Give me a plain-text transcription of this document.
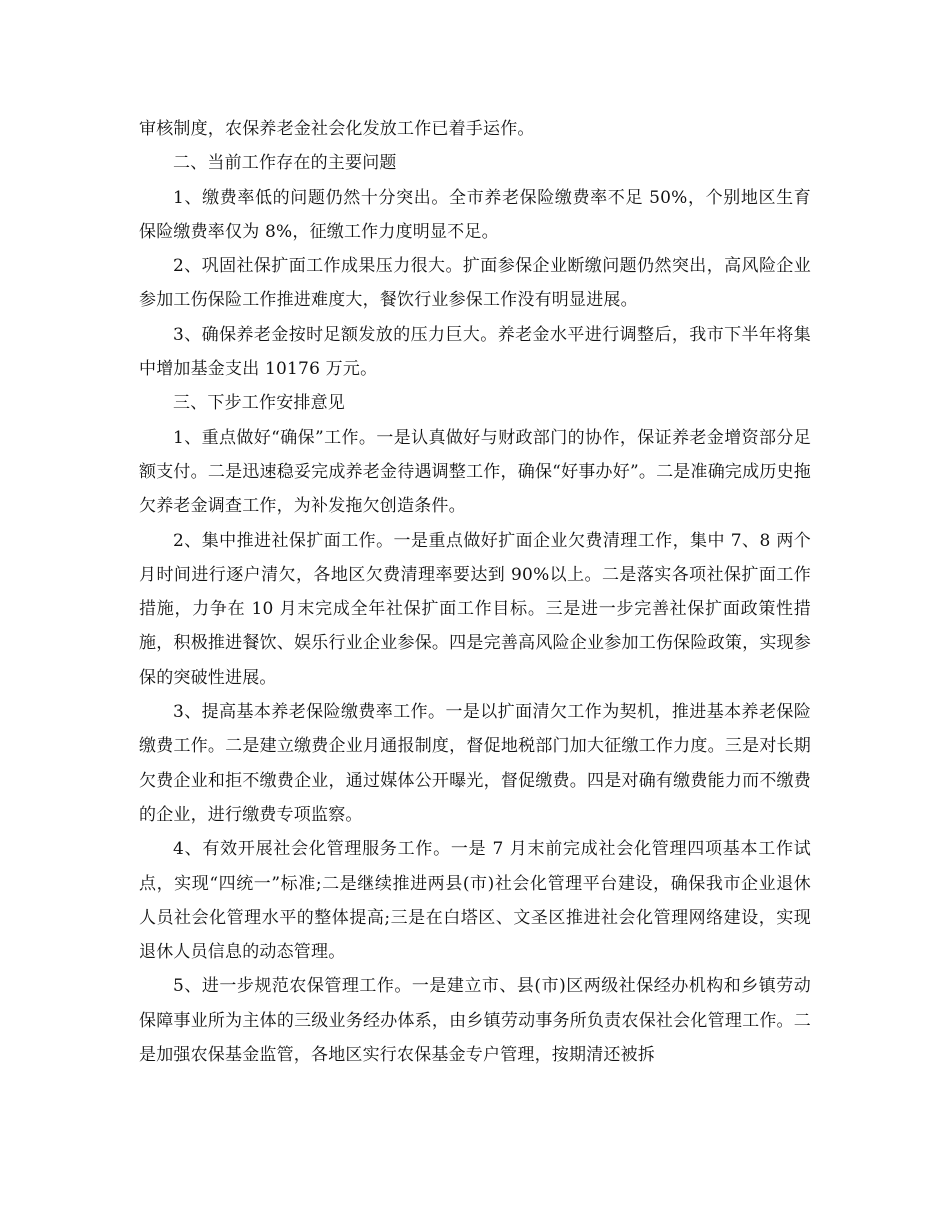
审核制度，农保养老金社会化发放工作已着手运作。

二、当前工作存在的主要问题

1、缴费率低的问题仍然十分突出。全市养老保险缴费率不足 50%，个别地区生育保险缴费率仅为 8%，征缴工作力度明显不足。

2、巩固社保扩面工作成果压力很大。扩面参保企业断缴问题仍然突出，高风险企业参加工伤保险工作推进难度大，餐饮行业参保工作没有明显进展。

3、确保养老金按时足额发放的压力巨大。养老金水平进行调整后，我市下半年将集中增加基金支出 10176 万元。

三、下步工作安排意见

1、重点做好“确保”工作。一是认真做好与财政部门的协作，保证养老金增资部分足额支付。二是迅速稳妥完成养老金待遇调整工作，确保“好事办好”。二是准确完成历史拖欠养老金调查工作，为补发拖欠创造条件。

2、集中推进社保扩面工作。一是重点做好扩面企业欠费清理工作，集中 7、8 两个月时间进行逐户清欠，各地区欠费清理率要达到 90%以上。二是落实各项社保扩面工作措施，力争在 10 月末完成全年社保扩面工作目标。三是进一步完善社保扩面政策性措施，积极推进餐饮、娱乐行业企业参保。四是完善高风险企业参加工伤保险政策，实现参保的突破性进展。

3、提高基本养老保险缴费率工作。一是以扩面清欠工作为契机，推进基本养老保险缴费工作。二是建立缴费企业月通报制度，督促地税部门加大征缴工作力度。三是对长期欠费企业和拒不缴费企业，通过媒体公开曝光，督促缴费。四是对确有缴费能力而不缴费的企业，进行缴费专项监察。

4、有效开展社会化管理服务工作。一是 7 月末前完成社会化管理四项基本工作试点，实现“四统一”标准;二是继续推进两县(市)社会化管理平台建设，确保我市企业退休人员社会化管理水平的整体提高;三是在白塔区、文圣区推进社会化管理网络建设，实现退休人员信息的动态管理。

5、进一步规范农保管理工作。一是建立市、县(市)区两级社保经办机构和乡镇劳动保障事业所为主体的三级业务经办体系，由乡镇劳动事务所负责农保社会化管理工作。二是加强农保基金监管，各地区实行农保基金专户管理，按期清还被拆
